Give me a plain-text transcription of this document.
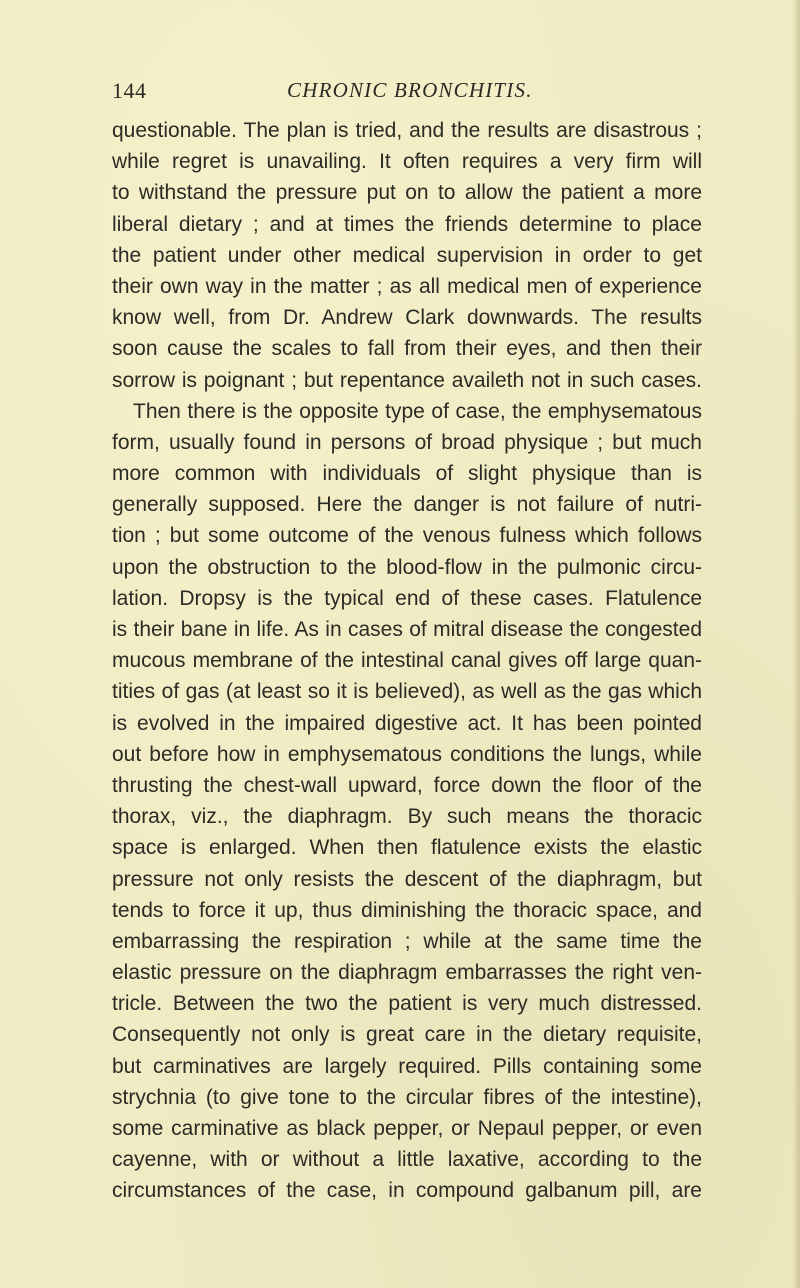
144	CHRONIC BRONCHITIS.
questionable. The plan is tried, and the results are disastrous ;
while regret is unavailing. It often requires a very firm will
to withstand the pressure put on to allow the patient a more
liberal dietary ; and at times the friends determine to place
the patient under other medical supervision in order to get
their own way in the matter ; as all medical men of experience
know well, from Dr. Andrew Clark downwards. The results
soon cause the scales to fall from their eyes, and then their
sorrow is poignant ; but repentance availeth not in such cases.
Then there is the opposite type of case, the emphysematous
form, usually found in persons of broad physique ; but much
more common with individuals of slight physique than is
generally supposed. Here the danger is not failure of nutri-
tion ; but some outcome of the venous fulness which follows
upon the obstruction to the blood-flow in the pulmonic circu-
lation. Dropsy is the typical end of these cases. Flatulence
is their bane in life. As in cases of mitral disease the congested
mucous membrane of the intestinal canal gives off large quan-
tities of gas (at least so it is believed), as well as the gas which
is evolved in the impaired digestive act. It has been pointed
out before how in emphysematous conditions the lungs, while
thrusting the chest-wall upward, force down the floor of the
thorax, viz., the diaphragm. By such means the thoracic
space is enlarged. When then flatulence exists the elastic
pressure not only resists the descent of the diaphragm, but
tends to force it up, thus diminishing the thoracic space, and
embarrassing the respiration ; while at the same time the
elastic pressure on the diaphragm embarrasses the right ven-
tricle. Between the two the patient is very much distressed.
Consequently not only is great care in the dietary requisite,
but carminatives are largely required. Pills containing some
strychnia (to give tone to the circular fibres of the intestine),
some carminative as black pepper, or Nepaul pepper, or even
cayenne, with or without a little laxative, according to the
circumstances of the case, in compound galbanum pill, are
